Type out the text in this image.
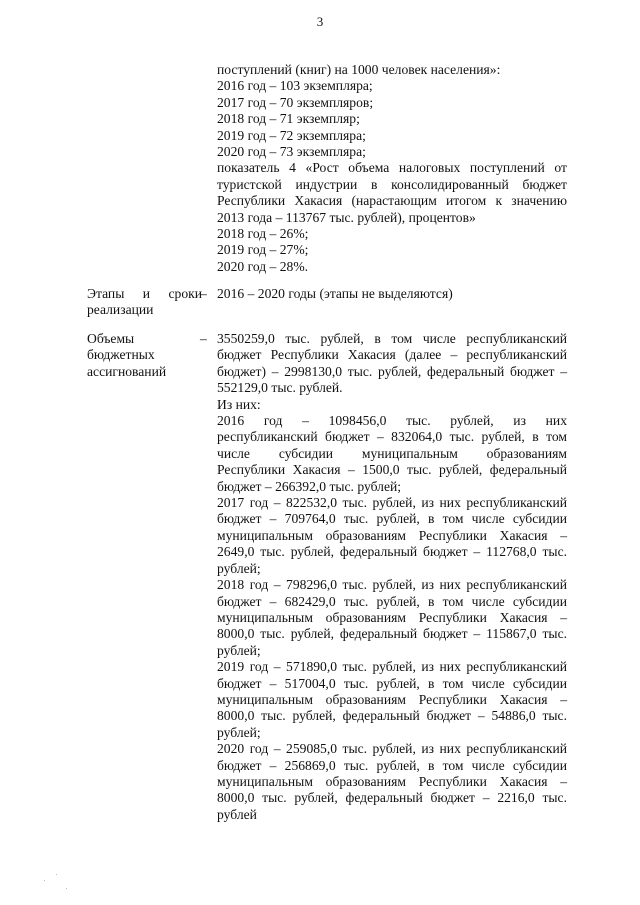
3
поступлений (книг) на 1000 человек населения»:
2016 год – 103 экземпляра;
2017 год – 70 экземпляров;
2018 год – 71 экземпляр;
2019 год – 72 экземпляра;
2020 год – 73 экземпляра;
показатель 4 «Рост объема налоговых поступлений от
туристской индустрии в консолидированный бюджет
Республики Хакасия (нарастающим итогом к значению
2013 года – 113767 тыс. рублей), процентов»
2018 год – 26%;
2019 год – 27%;
2020 год – 28%.
Этапы и сроки
реализации
– 2016 – 2020 годы (этапы не выделяются)
Объемы
бюджетных
ассигнований
– 3550259,0 тыс. рублей, в том числе республиканский
бюджет Республики Хакасия (далее – республиканский
бюджет) – 2998130,0 тыс. рублей, федеральный бюджет –
552129,0 тыс. рублей.
Из них:
2016 год – 1098456,0 тыс. рублей, из них
республиканский бюджет – 832064,0 тыс. рублей, в том
числе субсидии муниципальным образованиям
Республики Хакасия – 1500,0 тыс. рублей, федеральный
бюджет – 266392,0 тыс. рублей;
2017 год – 822532,0 тыс. рублей, из них республиканский
бюджет – 709764,0 тыс. рублей, в том числе субсидии
муниципальным образованиям Республики Хакасия –
2649,0 тыс. рублей, федеральный бюджет – 112768,0 тыс.
рублей;
2018 год – 798296,0 тыс. рублей, из них республиканский
бюджет – 682429,0 тыс. рублей, в том числе субсидии
муниципальным образованиям Республики Хакасия –
8000,0 тыс. рублей, федеральный бюджет – 115867,0 тыс.
рублей;
2019 год – 571890,0 тыс. рублей, из них республиканский
бюджет – 517004,0 тыс. рублей, в том числе субсидии
муниципальным образованиям Республики Хакасия –
8000,0 тыс. рублей, федеральный бюджет – 54886,0 тыс.
рублей;
2020 год – 259085,0 тыс. рублей, из них республиканский
бюджет – 256869,0 тыс. рублей, в том числе субсидии
муниципальным образованиям Республики Хакасия –
8000,0 тыс. рублей, федеральный бюджет – 2216,0 тыс.
рублей
